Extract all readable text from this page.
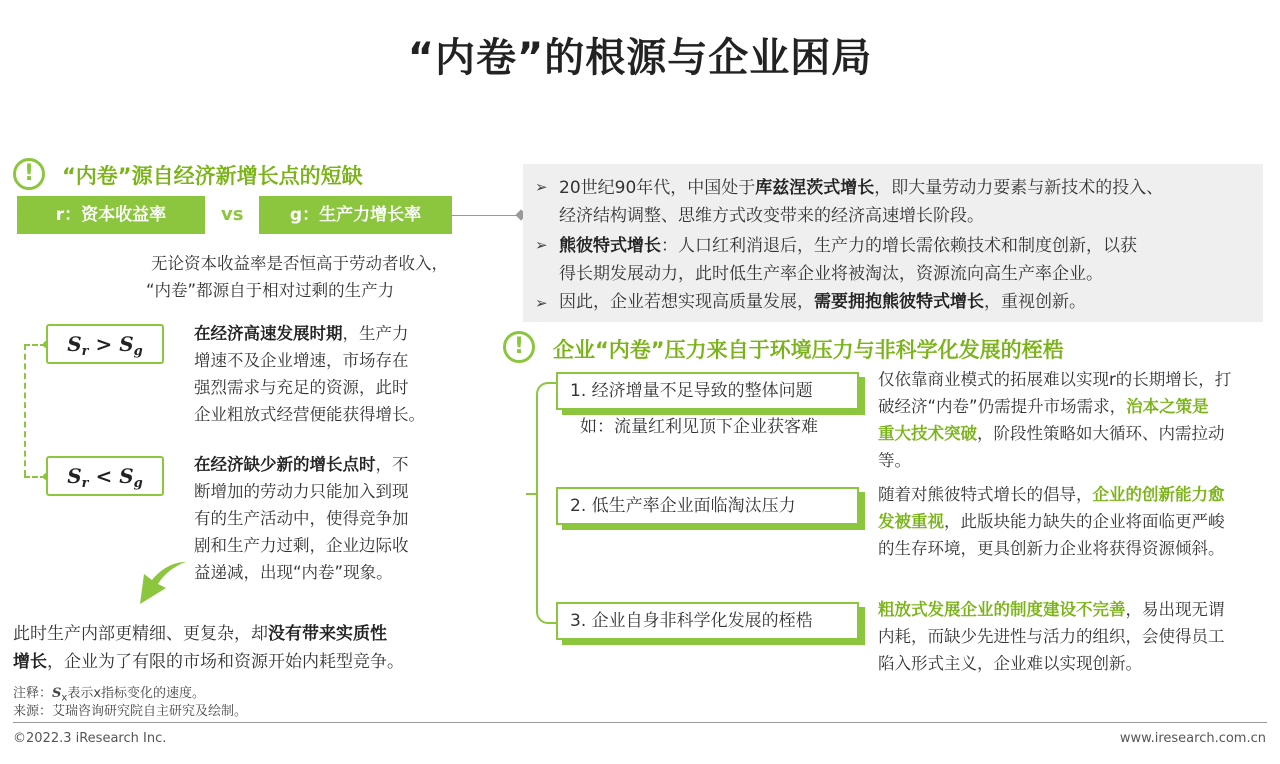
“内卷”的根源与企业困局
!	“内卷”源自经济新增长点的短缺
r：资本收益率	vs	g：生产力增长率
无论资本收益率是否恒高于劳动者收入，
“内卷”都源自于相对过剩的生产力
$S_r > S_g$
在经济高速发展时期，生产力
增速不及企业增速，市场存在
强烈需求与充足的资源，此时
企业粗放式经营便能获得增长。
$S_r < S_g$
在经济缺少新的增长点时，不
断增加的劳动力只能加入到现
有的生产活动中，使得竞争加
剧和生产力过剩，企业边际收
益递减，出现“内卷”现象。
此时生产内部更精细、更复杂，却没有带来实质性
增长，企业为了有限的市场和资源开始内耗型竞争。
➢ 20世纪90年代，中国处于库兹涅茨式增长，即大量劳动力要素与新技术的投入、
经济结构调整、思维方式改变带来的经济高速增长阶段。
➢ 熊彼特式增长：人口红利消退后，生产力的增长需依赖技术和制度创新，以获
得长期发展动力，此时低生产率企业将被淘汰，资源流向高生产率企业。
➢ 因此，企业若想实现高质量发展，需要拥抱熊彼特式增长，重视创新。
!	企业“内卷”压力来自于环境压力与非科学化发展的桎梏
1. 经济增量不足导致的整体问题
如：流量红利见顶下企业获客难
仅依靠商业模式的拓展难以实现r的长期增长，打
破经济“内卷”仍需提升市场需求，治本之策是
重大技术突破，阶段性策略如大循环、内需拉动
等。
2. 低生产率企业面临淘汰压力
随着对熊彼特式增长的倡导，企业的创新能力愈
发被重视，此版块能力缺失的企业将面临更严峻
的生存环境，更具创新力企业将获得资源倾斜。
3. 企业自身非科学化发展的桎梏
粗放式发展企业的制度建设不完善，易出现无谓
内耗，而缺少先进性与活力的组织，会使得员工
陷入形式主义，企业难以实现创新。
注释：$S_x$表示x指标变化的速度。
来源：艾瑞咨询研究院自主研究及绘制。
©2022.3 iResearch Inc.	www.iresearch.com.cn
